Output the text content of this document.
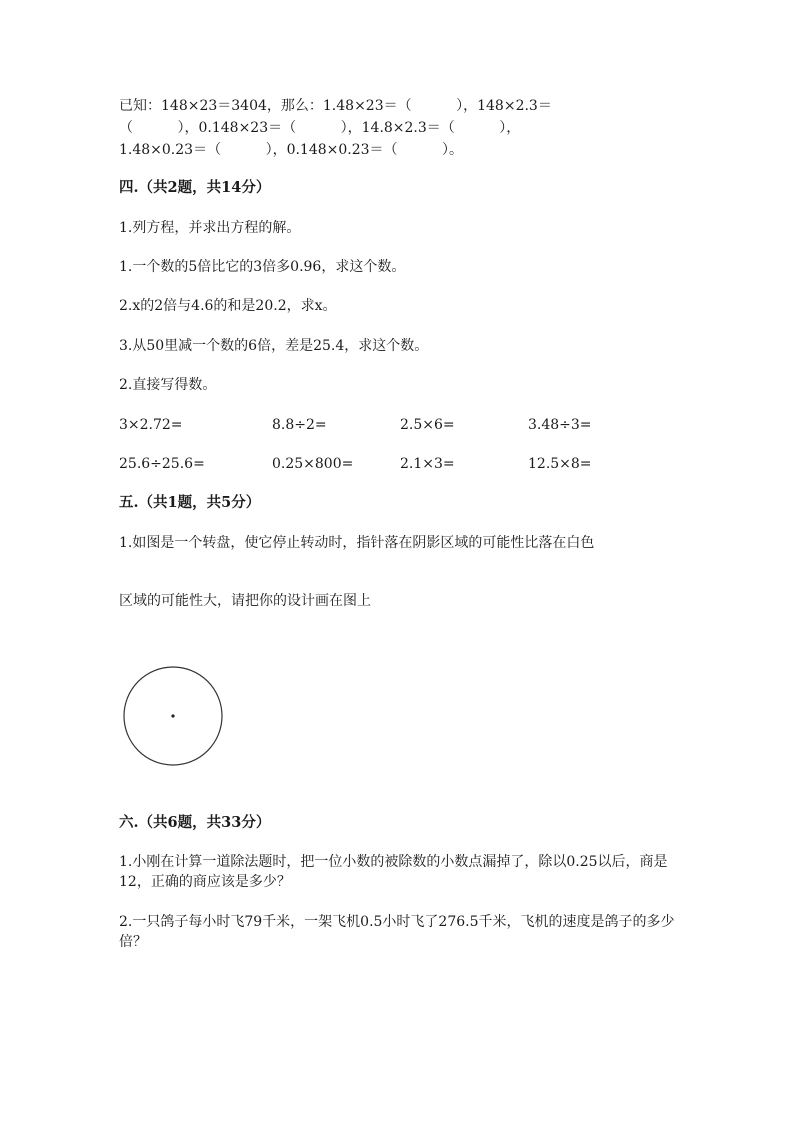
已知：148×23＝3404，那么：1.48×23＝（          ），148×2.3＝
（          ），0.148×23＝（          ），14.8×2.3＝（          ），
1.48×0.23＝（          ），0.148×0.23＝（          ）。
四.（共2题，共14分）
1.列方程，并求出方程的解。
1.一个数的5倍比它的3倍多0.96，求这个数。
2.x的2倍与4.6的和是20.2，求x。
3.从50里减一个数的6倍，差是25.4，求这个数。
2.直接写得数。
3×2.72=	8.8÷2=	2.5×6=	3.48÷3=
25.6÷25.6=	0.25×800=	2.1×3=	12.5×8=
五.（共1题，共5分）
1.如图是一个转盘，使它停止转动时，指针落在阴影区域的可能性比落在白色
区域的可能性大，请把你的设计画在图上
六.（共6题，共33分）
1.小刚在计算一道除法题时，把一位小数的被除数的小数点漏掉了，除以0.25以后，商是12，正确的商应该是多少？
2.一只鸽子每小时飞79千米，一架飞机0.5小时飞了276.5千米，飞机的速度是鸽子的多少倍？
